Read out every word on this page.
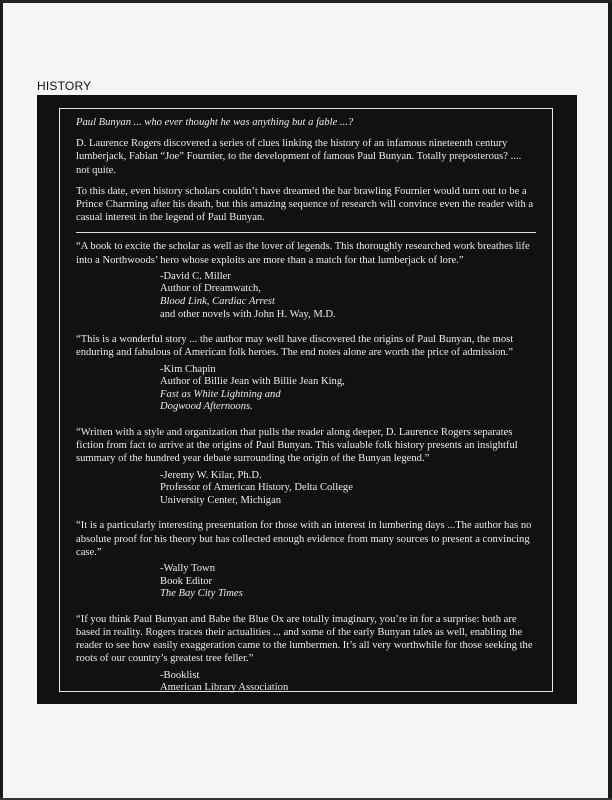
HISTORY

Paul Bunyan ... who ever thought he was anything but a fable ...?

D. Laurence Rogers discovered a series of clues linking the history of an infamous nineteenth century lumberjack, Fabian “Joe” Fournier, to the development of famous Paul Bunyan. Totally preposterous? .... not quite.

To this date, even history scholars couldn’t have dreamed the bar brawling Fournier would turn out to be a Prince Charming after his death, but this amazing sequence of research will convince even the reader with a casual interest in the legend of Paul Bunyan.

“A book to excite the scholar as well as the lover of legends. This thoroughly researched work breathes life into a Northwoods’ hero whose exploits are more than a match for that lumberjack of lore.”

-David C. Miller
Author of Dreamwatch,
Blood Link, Cardiac Arrest
and other novels with John H. Way, M.D.

“This is a wonderful story ... the author may well have discovered the origins of Paul Bunyan, the most enduring and fabulous of American folk heroes. The end notes alone are worth the price of admission.”

-Kim Chapin
Author of Billie Jean with Billie Jean King,
Fast as White Lightning and
Dogwood Afternoons.

“Written with a style and organization that pulls the reader along deeper, D. Laurence Rogers separates fiction from fact to arrive at the origins of Paul Bunyan. This valuable folk history presents an insightful summary of the hundred year debate surrounding the origin of the Bunyan legend.”

-Jeremy W. Kilar, Ph.D.
Professor of American History, Delta College
University Center, Michigan

“It is a particularly interesting presentation for those with an interest in lumbering days ...The author has no absolute proof for his theory but has collected enough evidence from many sources to present a convincing case.”

-Wally Town
Book Editor
The Bay City Times

“If you think Paul Bunyan and Babe the Blue Ox are totally imaginary, you’re in for a surprise: both are based in reality. Rogers traces their actualities ... and some of the early Bunyan tales as well, enabling the reader to see how easily exaggeration came to the lumbermen. It’s all very worthwhile for those seeking the roots of our country’s greatest tree feller.”

-Booklist
American Library Association
